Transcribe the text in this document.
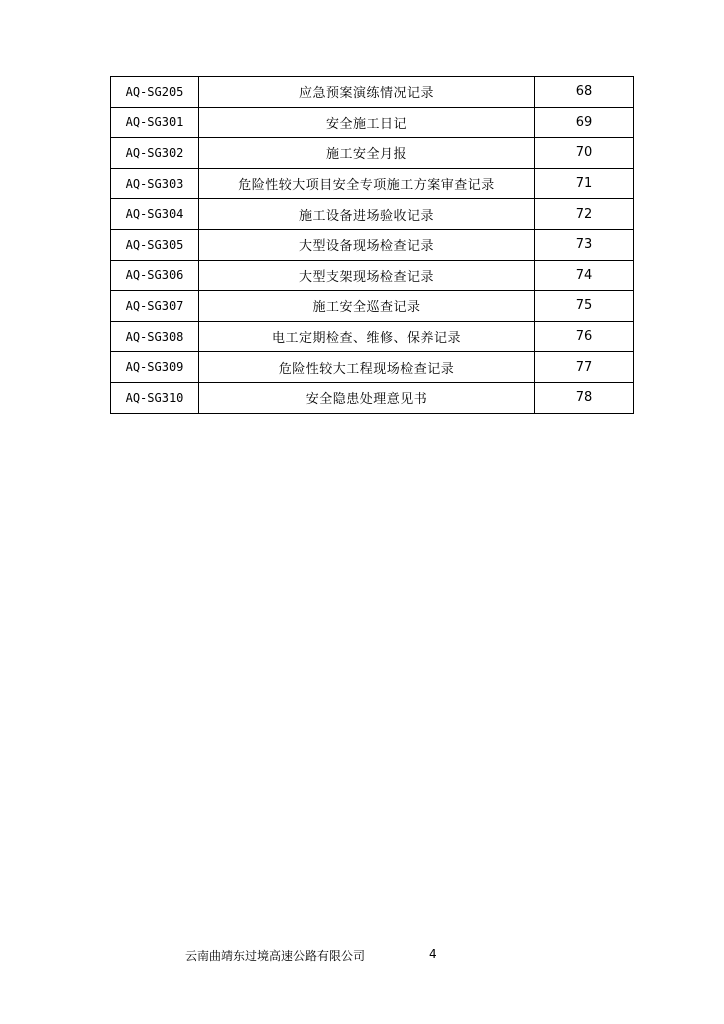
AQ-SG205	应急预案演练情况记录	68
AQ-SG301	安全施工日记	69
AQ-SG302	施工安全月报	70
AQ-SG303	危险性较大项目安全专项施工方案审查记录	71
AQ-SG304	施工设备进场验收记录	72
AQ-SG305	大型设备现场检查记录	73
AQ-SG306	大型支架现场检查记录	74
AQ-SG307	施工安全巡查记录	75
AQ-SG308	电工定期检查、维修、保养记录	76
AQ-SG309	危险性较大工程现场检查记录	77
AQ-SG310	安全隐患处理意见书	78
云南曲靖东过境高速公路有限公司	4
